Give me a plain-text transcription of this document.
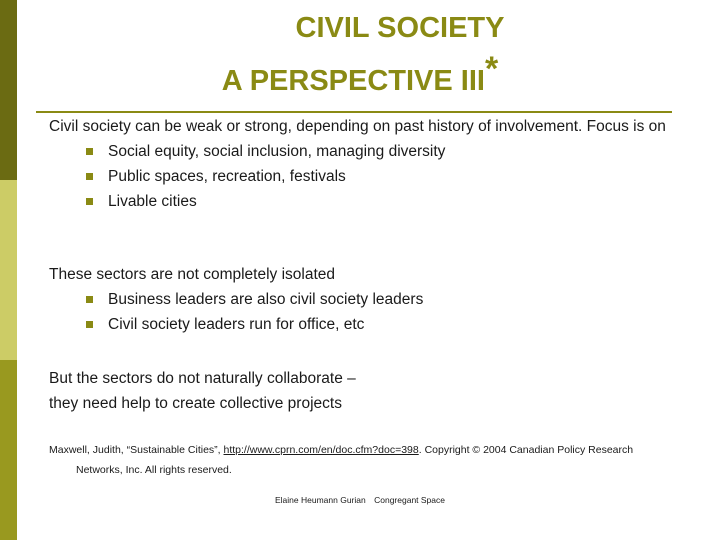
CIVIL SOCIETY
A PERSPECTIVE III*

Civil society can be weak or strong, depending on past history of involvement. Focus is on

Social equity, social inclusion, managing diversity
Public spaces, recreation, festivals
Livable cities

These sectors are not completely isolated

Business leaders are also civil society leaders
Civil society leaders run for office, etc

But the sectors do not naturally collaborate –

they need help to create collective projects

Maxwell, Judith, “Sustainable Cities”, http://www.cprn.com/en/doc.cfm?doc=398. Copyright © 2004 Canadian Policy Research
Networks, Inc. All rights reserved.
Elaine Heumann Gurian Congregant Space
